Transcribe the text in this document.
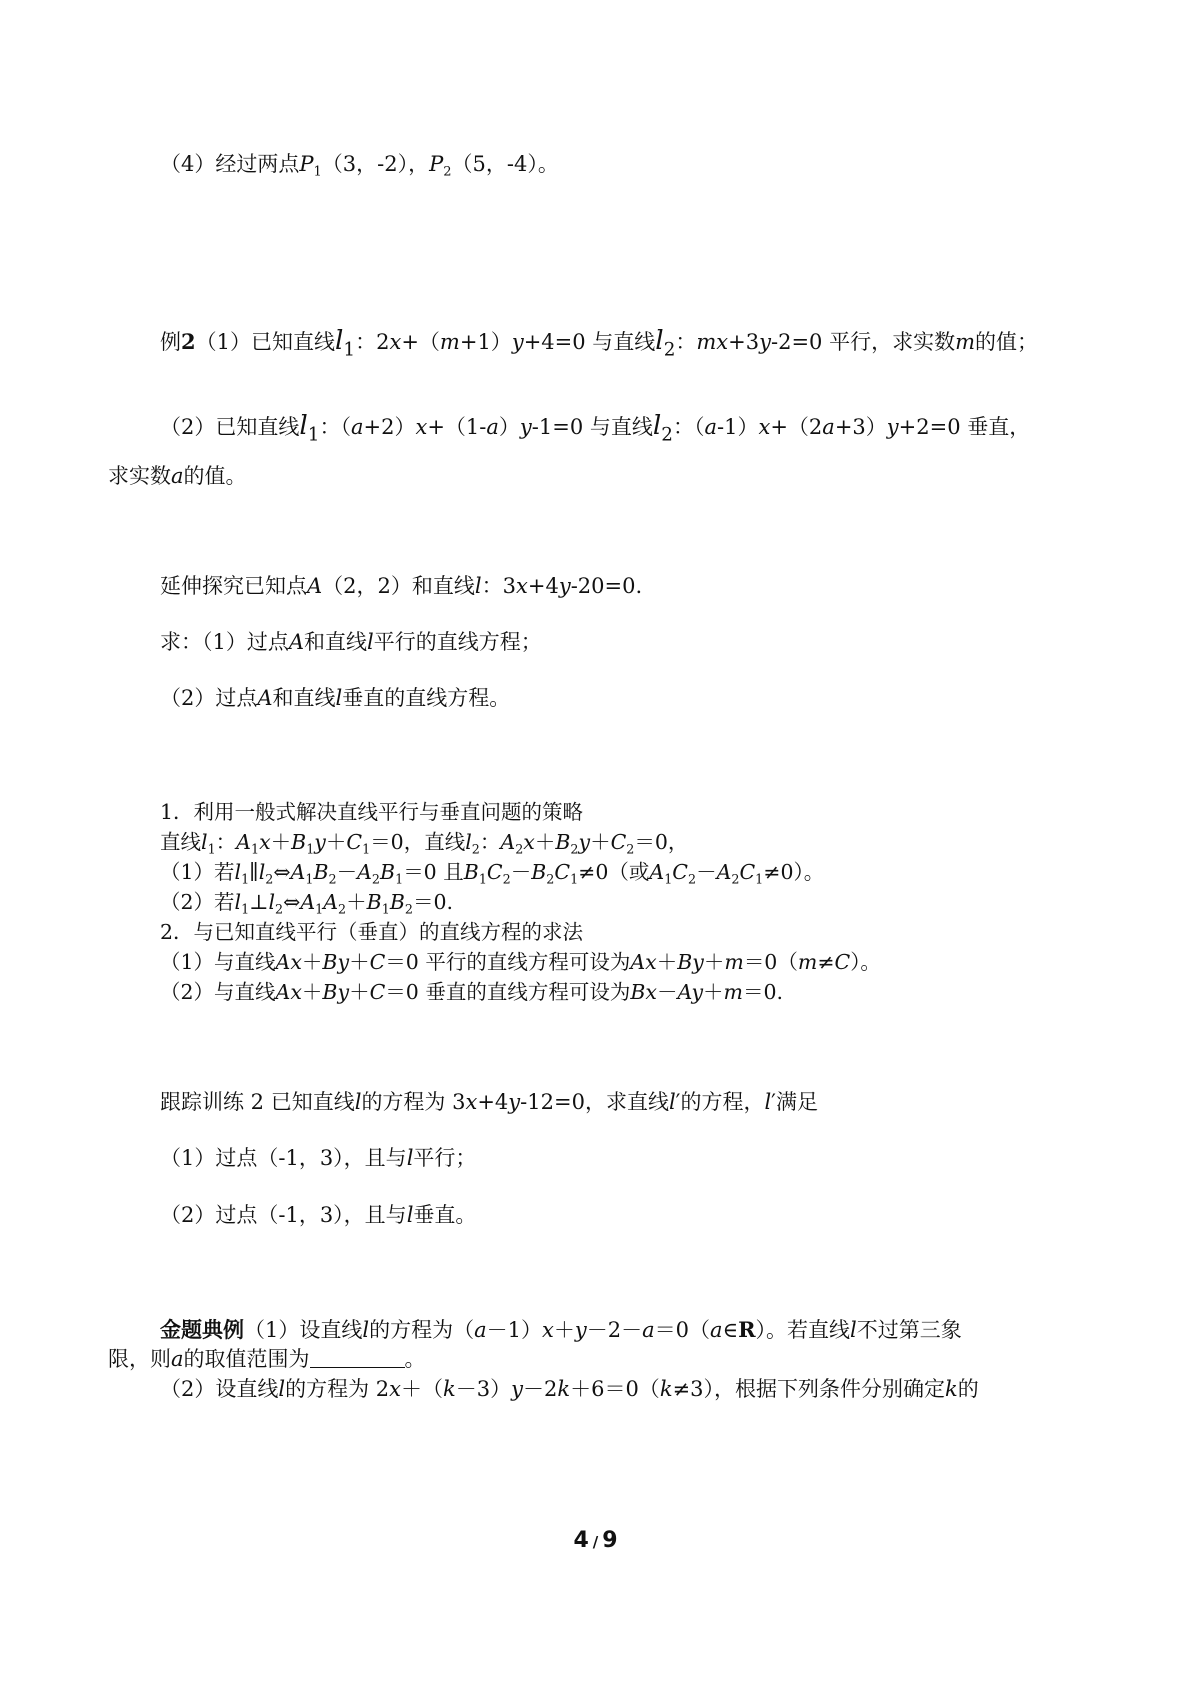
（4）经过两点$P_1(3$，-2），$P_2(5$，-4）。
例2（1）已知直线$l_1$：2x+（m+1）y+4=0 与直线$l_2$：mx+3y-2=0 平行，求实数m的值；
（2）已知直线$l_1$：（a+2）x+（1-a）y-1=0 与直线$l_2$：（a-1）x+（2a+3）y+2=0 垂直，
求实数a的值。
延伸探究已知点A（2，2）和直线l：3x+4y-20=0.
求：（1）过点A和直线l平行的直线方程；
（2）过点A和直线l垂直的直线方程。
1．利用一般式解决直线平行与垂直问题的策略
直线$l_1$：$A_1x+B_1y+C_1=0$，直线$l_2$：$A_2x+B_2y+C_2=0$，
（1）若$l_1\parallel l_2\Leftrightarrow A_1B_2-A_2B_1=0$ 且$B_1C_2-B_2C_1\ne 0$（或$A_1C_2-A_2C_1\ne 0$）。
（2）若$l_1\perp l_2\Leftrightarrow A_1A_2+B_1B_2=0$.
2．与已知直线平行（垂直）的直线方程的求法
（1）与直线Ax＋By＋C＝0 平行的直线方程可设为Ax＋By＋m＝0（m≠C）。
（2）与直线Ax＋By＋C＝0 垂直的直线方程可设为Bx－Ay＋m＝0.
跟踪训练 2 已知直线l的方程为 3x+4y-12=0，求直线l′的方程，l′满足
（1）过点（-1，3），且与l平行；
（2）过点（-1，3），且与l垂直。
金题典例（1）设直线l的方程为（a－1）x＋y－2－a＝0（a∈R）。若直线l不过第三象
限，则a的取值范围为	。
（2）设直线l的方程为 2x＋（k－3）y－2k＋6＝0（k≠3），根据下列条件分别确定k的
4 / 9
